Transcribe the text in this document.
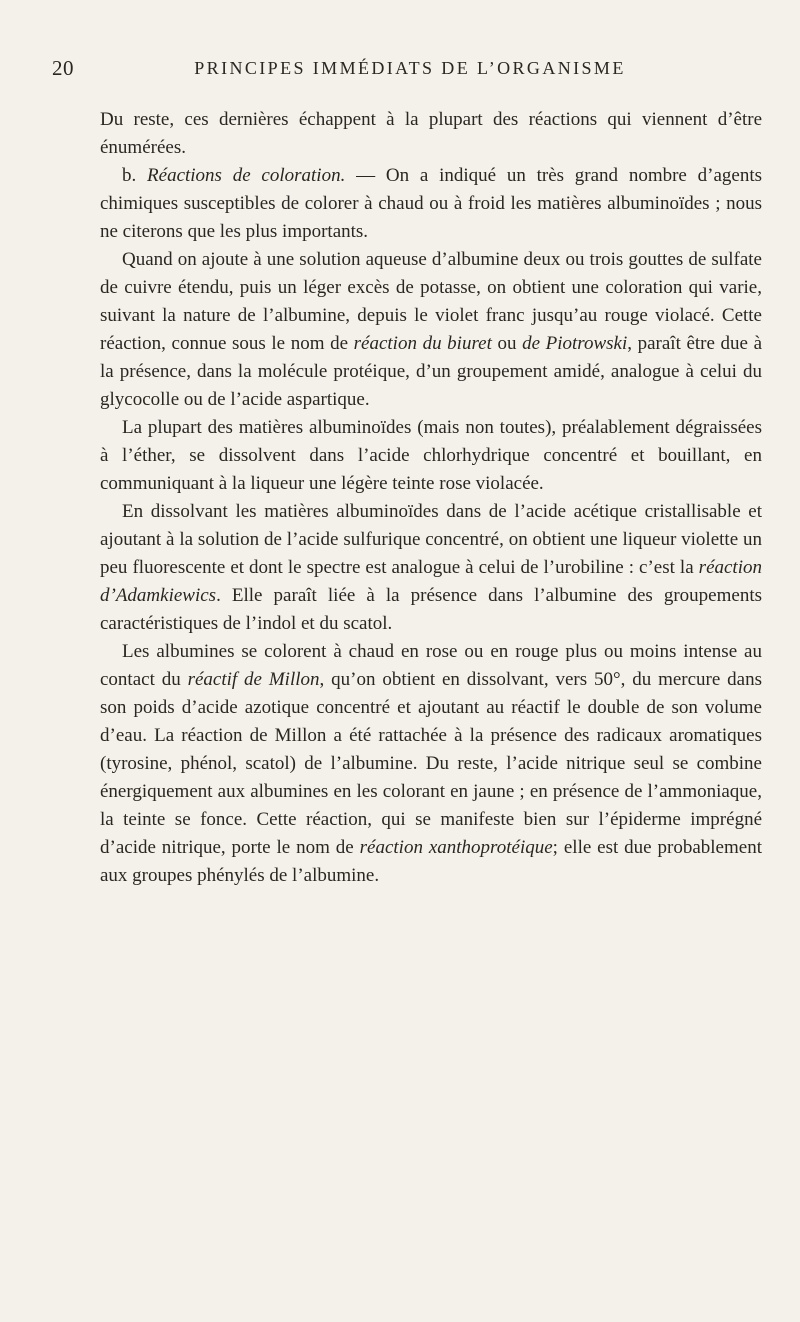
20	PRINCIPES IMMÉDIATS DE L’ORGANISME

Du reste, ces dernières échappent à la plupart des réactions qui viennent d’être énumérées.

b. Réactions de coloration. — On a indiqué un très grand nombre d’agents chimiques susceptibles de colorer à chaud ou à froid les matières albuminoïdes ; nous ne citerons que les plus importants.

Quand on ajoute à une solution aqueuse d’albumine deux ou trois gouttes de sulfate de cuivre étendu, puis un léger excès de potasse, on obtient une coloration qui varie, suivant la nature de l’albumine, depuis le violet franc jusqu’au rouge violacé. Cette réaction, connue sous le nom de réaction du biuret ou de Piotrowski, paraît être due à la présence, dans la molécule protéique, d’un groupement amidé, analogue à celui du glycocolle ou de l’acide aspartique.

La plupart des matières albuminoïdes (mais non toutes), préalablement dégraissées à l’éther, se dissolvent dans l’acide chlorhydrique concentré et bouillant, en communiquant à la liqueur une légère teinte rose violacée.

En dissolvant les matières albuminoïdes dans de l’acide acétique cristallisable et ajoutant à la solution de l’acide sulfurique concentré, on obtient une liqueur violette un peu fluorescente et dont le spectre est analogue à celui de l’urobiline : c’est la réaction d’Adamkiewics. Elle paraît liée à la présence dans l’albumine des groupements caractéristiques de l’indol et du scatol.

Les albumines se colorent à chaud en rose ou en rouge plus ou moins intense au contact du réactif de Millon, qu’on obtient en dissolvant, vers 50°, du mercure dans son poids d’acide azotique concentré et ajoutant au réactif le double de son volume d’eau. La réaction de Millon a été rattachée à la présence des radicaux aromatiques (tyrosine, phénol, scatol) de l’albumine. Du reste, l’acide nitrique seul se combine énergiquement aux albumines en les colorant en jaune ; en présence de l’ammoniaque, la teinte se fonce. Cette réaction, qui se manifeste bien sur l’épiderme imprégné d’acide nitrique, porte le nom de réaction xanthoprotéique; elle est due probablement aux groupes phénylés de l’albumine.
